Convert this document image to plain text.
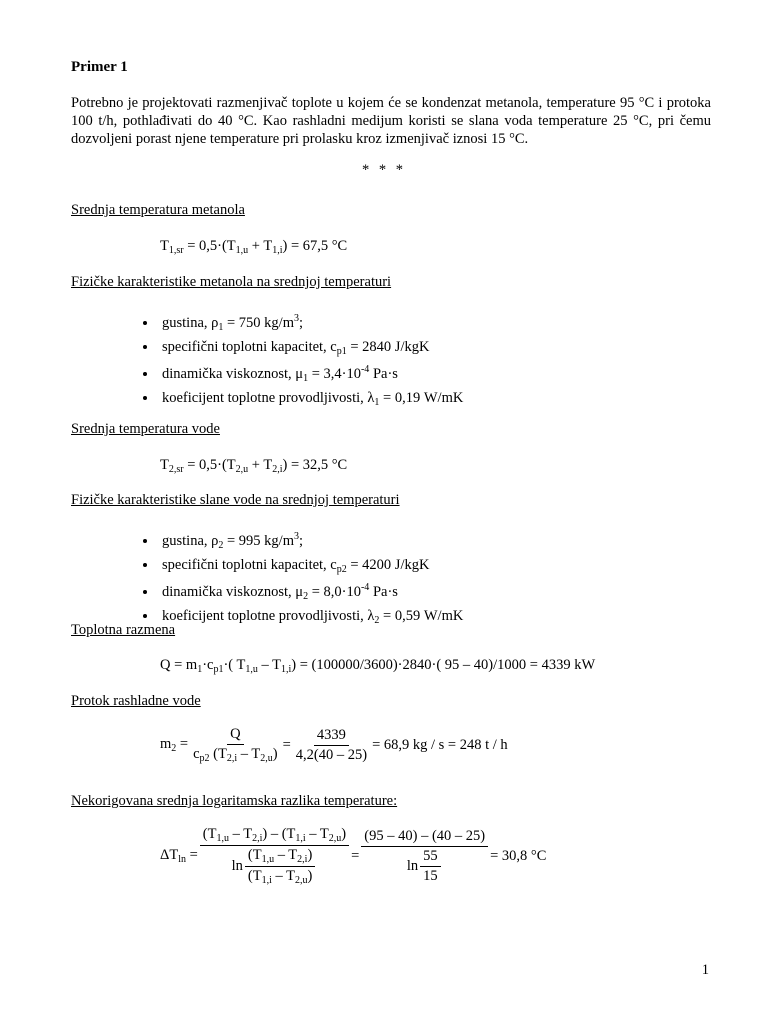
Primer 1
Potrebno je projektovati razmenjivač toplote u kojem će se kondenzat metanola, temperature 95 °C i protoka 100 t/h, pothlađivati do 40 °C. Kao rashladni medijum koristi se slana voda temperature 25 °C, pri čemu dozvoljeni porast njene temperature pri prolasku kroz izmenjivač iznosi 15 °C.
* * *
Srednja temperatura metanola
$T_{1,sr} = 0,5\cdot(T_{1,u} + T_{1,i}) = 67,5$ °C
Fizičke karakteristike metanola na srednjoj temperaturi
• gustina, $\rho_1 = 750$ $kg/m^3$;
• specifični toplotni kapacitet, $c_{p1} = 2840$ J/kgK
• dinamička viskoznost, $\mu_1 = 3,4\cdot 10^{-4}$ Pa·s
• koeficijent toplotne provodljivosti, $\lambda_1 = 0,19$ W/mK
Srednja temperatura vode
$T_{2,sr} = 0,5\cdot(T_{2,u} + T_{2,i}) = 32,5$ °C
Fizičke karakteristike slane vode na srednjoj temperaturi
• gustina, $\rho_2 = 995$ $kg/m^3$;
• specifični toplotni kapacitet, $c_{p2} = 4200$ J/kgK
• dinamička viskoznost, $\mu_2 = 8,0\cdot 10^{-4}$ Pa·s
• koeficijent toplotne provodljivosti, $\lambda_2 = 0,59$ W/mK
Toplotna razmena
$Q = m_1\cdot c_{p1}\cdot$( $T_{1,u} - T_{1,i}) = (100000/3600)\cdot 2840\cdot$( 95 – 40)/1000 = 4339 kW
Protok rashladne vode
$m_2 = \frac{Q}{c_{p2} (T_{2,i} - T_{2,u})} = \frac{4339}{4,2(40 - 25)} = 68,9$ kg / s = 248 t / h
Nekorigovana srednja logaritamska razlika temperature:
$\Delta T_{ln} = \frac{(T_{1,u} - T_{2,i}) - (T_{1,i} - T_{2,u})}{\ln \frac{(T_{1,u} - T_{2,i})}{(T_{1,i} - T_{2,u})}} = \frac{(95 - 40) - (40 - 25)}{\ln \frac{55}{15}} = 30,8$ °C
1
